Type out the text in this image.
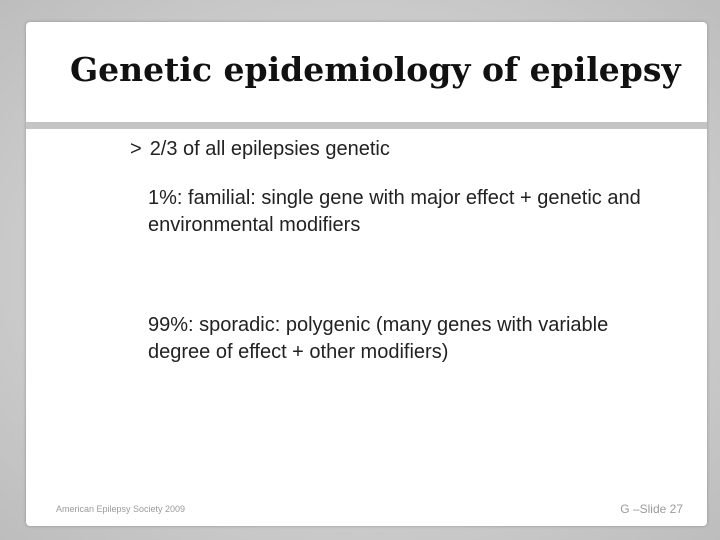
Genetic epidemiology of epilepsy
> 2/3 of all epilepsies genetic
1%: familial: single gene with major effect + genetic and environmental modifiers
99%: sporadic: polygenic (many genes with variable degree of effect + other modifiers)
American Epilepsy Society 2009	G –Slide 27
